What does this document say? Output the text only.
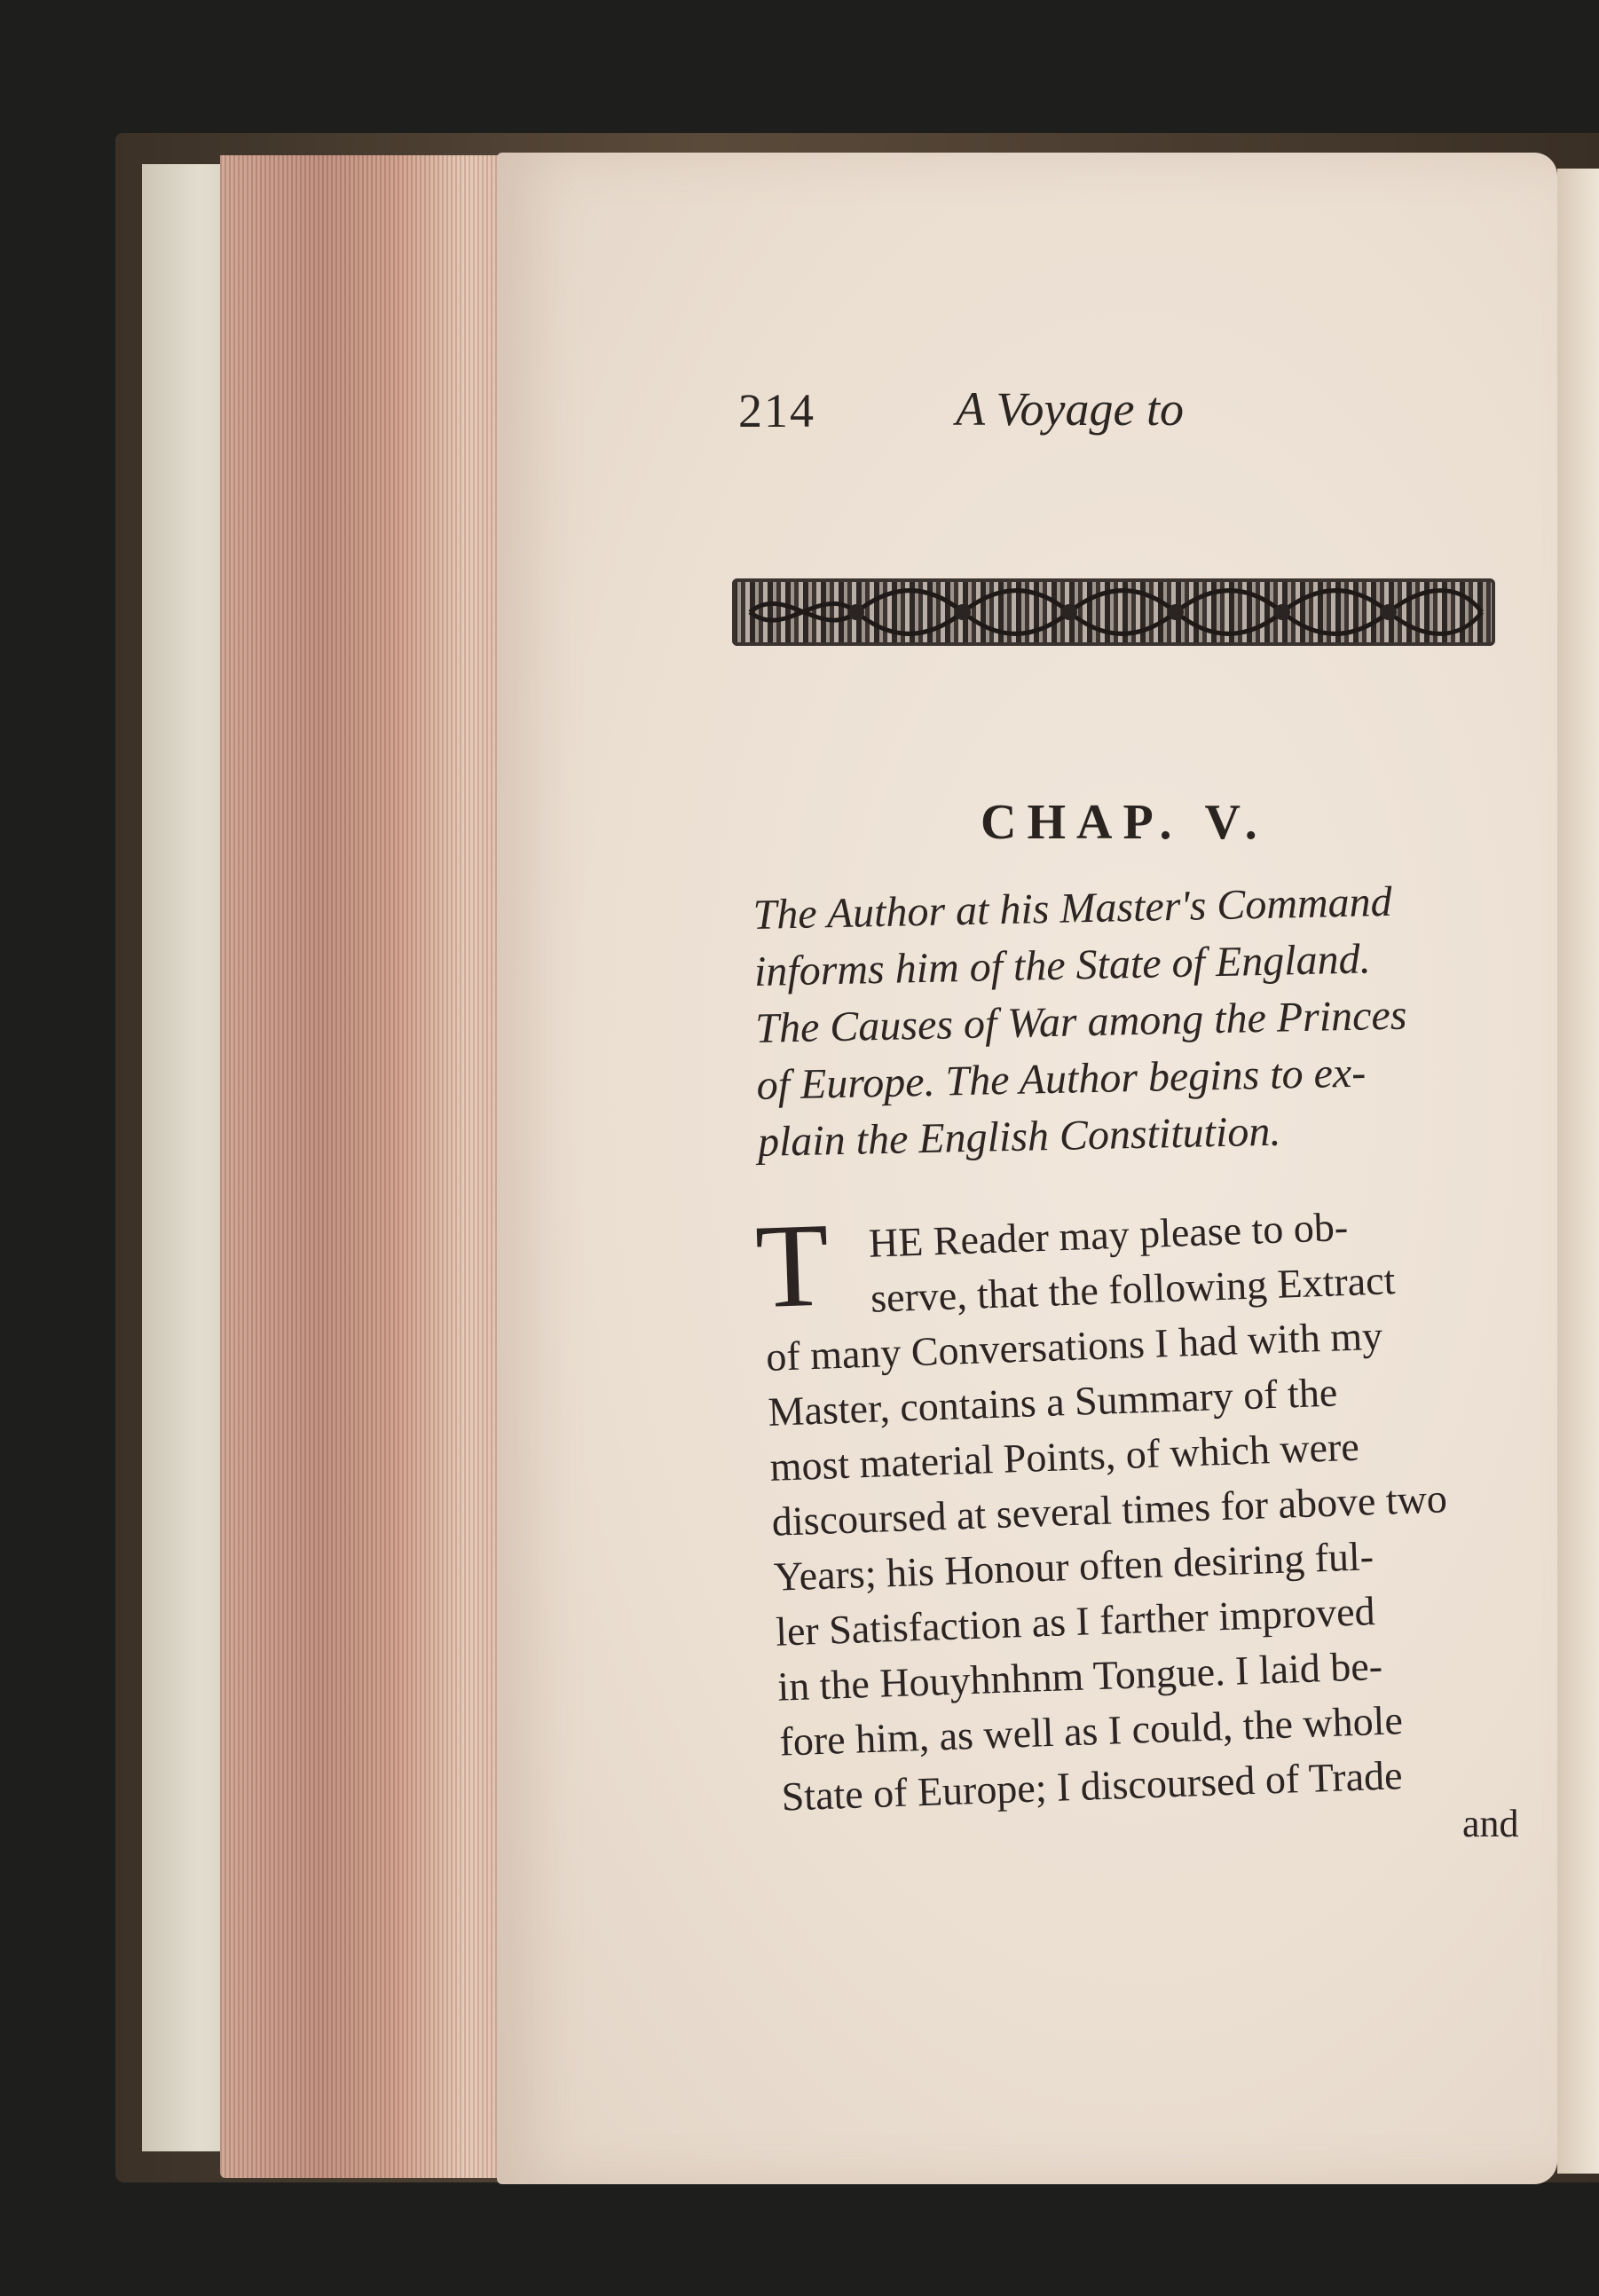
214	A Voyage to
CHAP. V.
The Author at his Master's Command
informs him of the State of England.
The Causes of War among the Princes
of Europe. The Author begins to ex-
plain the English Constitution.
T HE Reader may please to ob-
serve, that the following Extract
of many Conversations I had with my
Master, contains a Summary of the
most material Points, of which were
discoursed at several times for above two
Years; his Honour often desiring ful-
ler Satisfaction as I farther improved
in the Houyhnhnm Tongue. I laid be-
fore him, as well as I could, the whole
State of Europe; I discoursed of Trade
and
